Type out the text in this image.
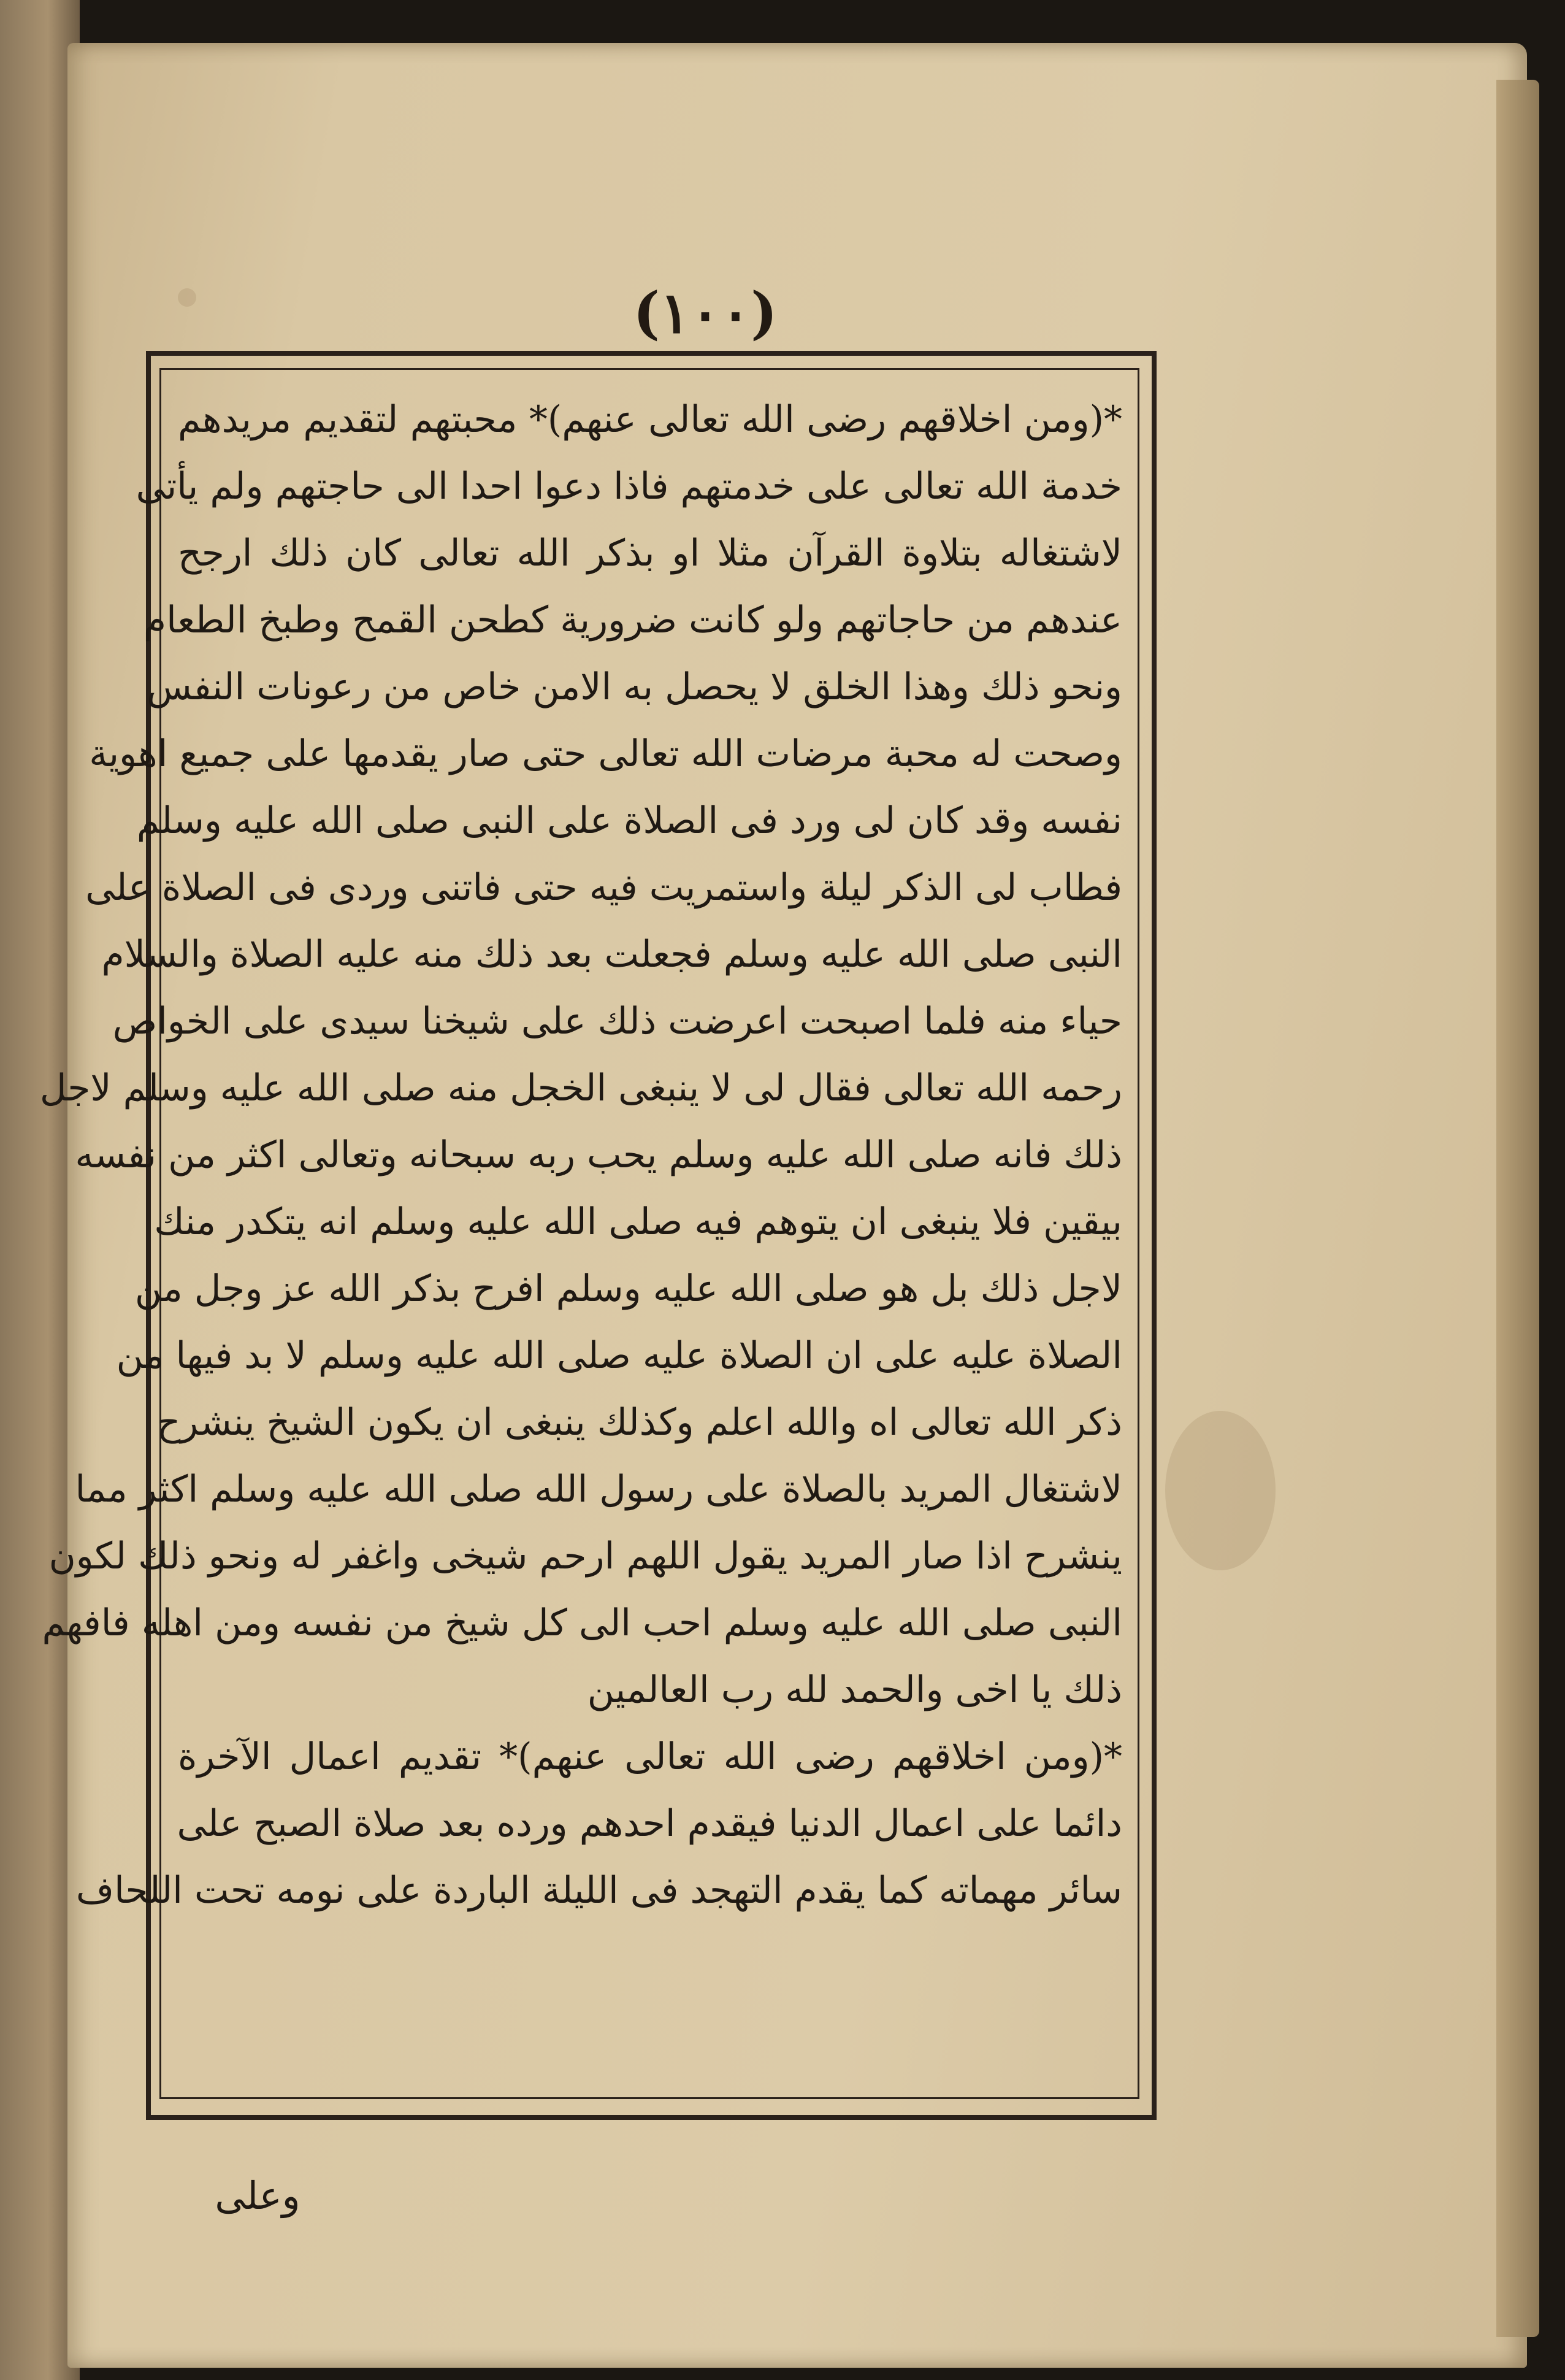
(١٠٠)
*(ومن اخلاقهم رضى الله تعالى عنهم)* محبتهم لتقديم مريدهم
خدمة الله تعالى على خدمتهم فاذا دعوا احدا الى حاجتهم ولم يأتى
لاشتغاله بتلاوة القرآن مثلا او بذكر الله تعالى كان ذلك ارجح
عندهم من حاجاتهم ولو كانت ضرورية كطحن القمح وطبخ الطعام
ونحو ذلك وهذا الخلق لا يحصل به الامن خاص من رعونات النفس
وصحت له محبة مرضات الله تعالى حتى صار يقدمها على جميع اهوية
نفسه وقد كان لى ورد فى الصلاة على النبى صلى الله عليه وسلم
فطاب لى الذكر ليلة واستمريت فيه حتى فاتنى وردى فى الصلاة على
النبى صلى الله عليه وسلم فجعلت بعد ذلك منه عليه الصلاة والسلام
حياء منه فلما اصبحت اعرضت ذلك على شيخنا سيدى على الخواص
رحمه الله تعالى فقال لى لا ينبغى الخجل منه صلى الله عليه وسلم لاجل
ذلك فانه صلى الله عليه وسلم يحب ربه سبحانه وتعالى اكثر من نفسه
بيقين فلا ينبغى ان يتوهم فيه صلى الله عليه وسلم انه يتكدر منك
لاجل ذلك بل هو صلى الله عليه وسلم افرح بذكر الله عز وجل من
الصلاة عليه على ان الصلاة عليه صلى الله عليه وسلم لا بد فيها من
ذكر الله تعالى اه والله اعلم وكذلك ينبغى ان يكون الشيخ ينشرح
لاشتغال المريد بالصلاة على رسول الله صلى الله عليه وسلم اكثر مما
ينشرح اذا صار المريد يقول اللهم ارحم شيخى واغفر له ونحو ذلك لكون
النبى صلى الله عليه وسلم احب الى كل شيخ من نفسه ومن اهله فافهم
ذلك يا اخى والحمد لله رب العالمين
*(ومن اخلاقهم رضى الله تعالى عنهم)* تقديم اعمال الآخرة
دائما على اعمال الدنيا فيقدم احدهم ورده بعد صلاة الصبح على
سائر مهماته كما يقدم التهجد فى الليلة الباردة على نومه تحت اللحاف
وعلى
